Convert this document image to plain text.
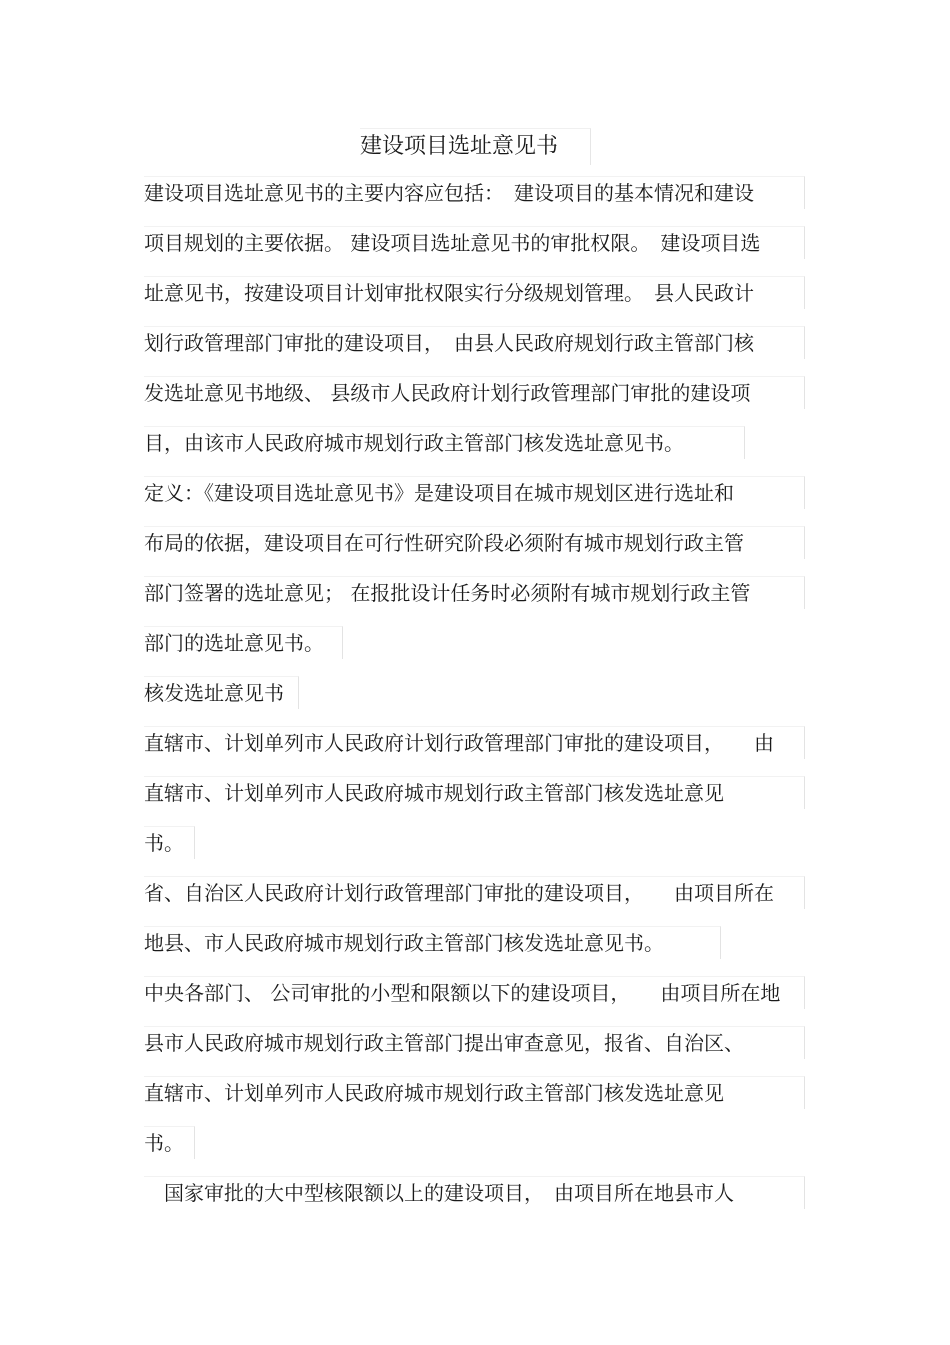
建设项目选址意见书
建设项目选址意见书的主要内容应包括：　建设项目的基本情况和建设
项目规划的主要依据。 建设项目选址意见书的审批权限。　建设项目选
址意见书，按建设项目计划审批权限实行分级规划管理。　县人民政计
划行政管理部门审批的建设项目，　由县人民政府规划行政主管部门核
发选址意见书地级、 县级市人民政府计划行政管理部门审批的建设项
目，由该市人民政府城市规划行政主管部门核发选址意见书。
定义：《建设项目选址意见书》是建设项目在城市规划区进行选址和
布局的依据，建设项目在可行性研究阶段必须附有城市规划行政主管
部门签署的选址意见； 在报批设计任务时必须附有城市规划行政主管
部门的选址意见书。
核发选址意见书
直辖市、计划单列市人民政府计划行政管理部门审批的建设项目，　　由
直辖市、计划单列市人民政府城市规划行政主管部门核发选址意见
书。
省、自治区人民政府计划行政管理部门审批的建设项目，　　由项目所在
地县、市人民政府城市规划行政主管部门核发选址意见书。
中央各部门、 公司审批的小型和限额以下的建设项目，　　由项目所在地
县市人民政府城市规划行政主管部门提出审查意见，报省、自治区、
直辖市、计划单列市人民政府城市规划行政主管部门核发选址意见
书。
　国家审批的大中型核限额以上的建设项目，　由项目所在地县市人
